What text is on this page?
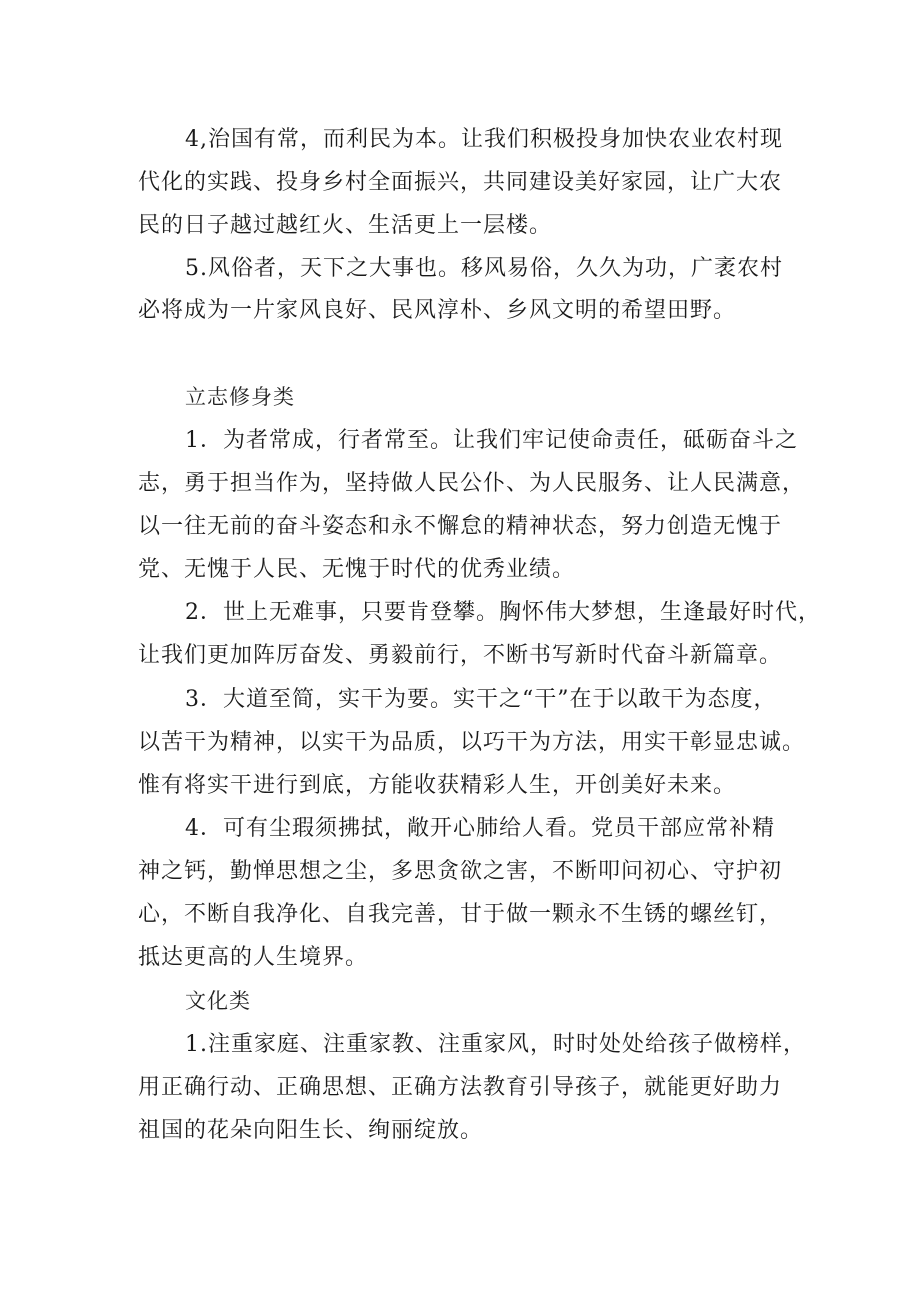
4,治国有常，而利民为本。让我们积极投身加快农业农村现
代化的实践、投身乡村全面振兴，共同建设美好家园，让广大农
民的日子越过越红火、生活更上一层楼。
5.风俗者，天下之大事也。移风易俗，久久为功，广袤农村
必将成为一片家风良好、民风淳朴、乡风文明的希望田野。
立志修身类
1．为者常成，行者常至。让我们牢记使命责任，砥砺奋斗之
志，勇于担当作为，坚持做人民公仆、为人民服务、让人民满意，
以一往无前的奋斗姿态和永不懈怠的精神状态，努力创造无愧于
党、无愧于人民、无愧于时代的优秀业绩。
2．世上无难事，只要肯登攀。胸怀伟大梦想，生逢最好时代，
让我们更加阵厉奋发、勇毅前行，不断书写新时代奋斗新篇章。
3．大道至简，实干为要。实干之“干”在于以敢干为态度，
以苦干为精神，以实干为品质，以巧干为方法，用实干彰显忠诚。
惟有将实干进行到底，方能收获精彩人生，开创美好未来。
4．可有尘瑕须拂拭，敞开心肺给人看。党员干部应常补精
神之钙，勤惮思想之尘，多思贪欲之害，不断叩问初心、守护初
心，不断自我净化、自我完善，甘于做一颗永不生锈的螺丝钉，
抵达更高的人生境界。
文化类
1.注重家庭、注重家教、注重家风，时时处处给孩子做榜样，
用正确行动、正确思想、正确方法教育引导孩子，就能更好助力
祖国的花朵向阳生长、绚丽绽放。
